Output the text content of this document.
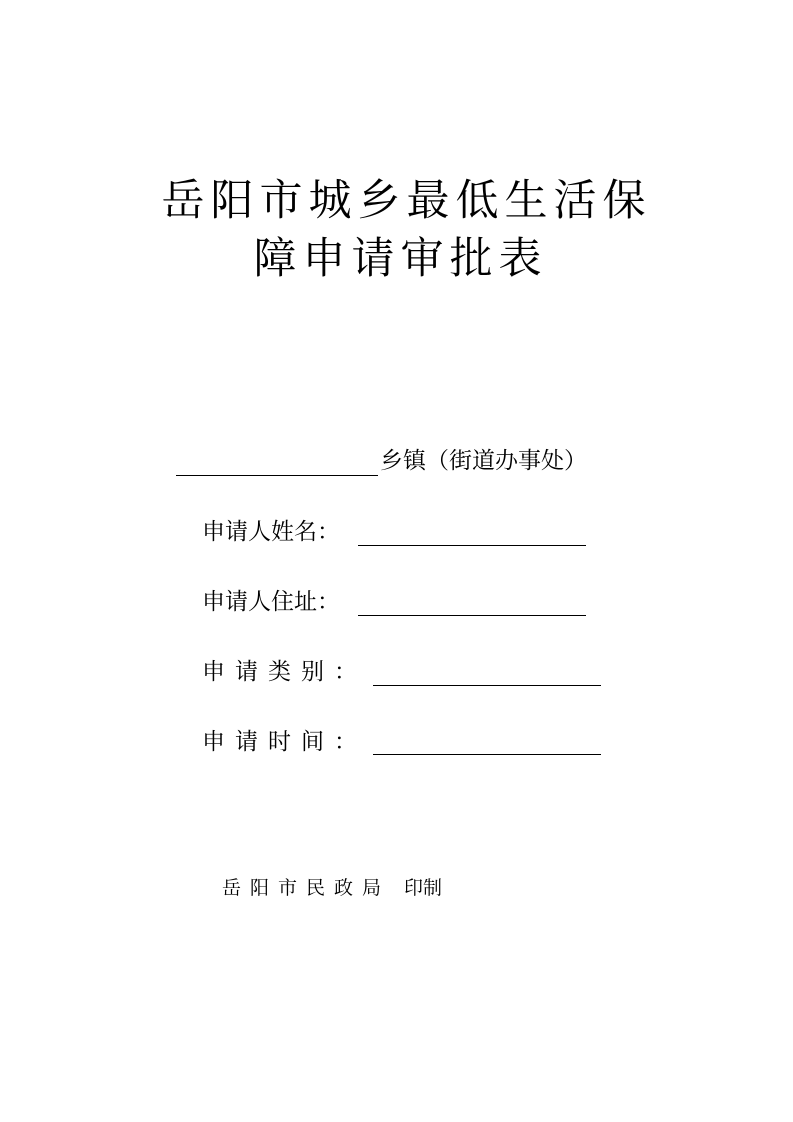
岳阳市城乡最低生活保
障申请审批表
乡镇（街道办事处）
申请人姓名：
申请人住址：
申请类别：
申请时间：
岳阳市民政局 印制
